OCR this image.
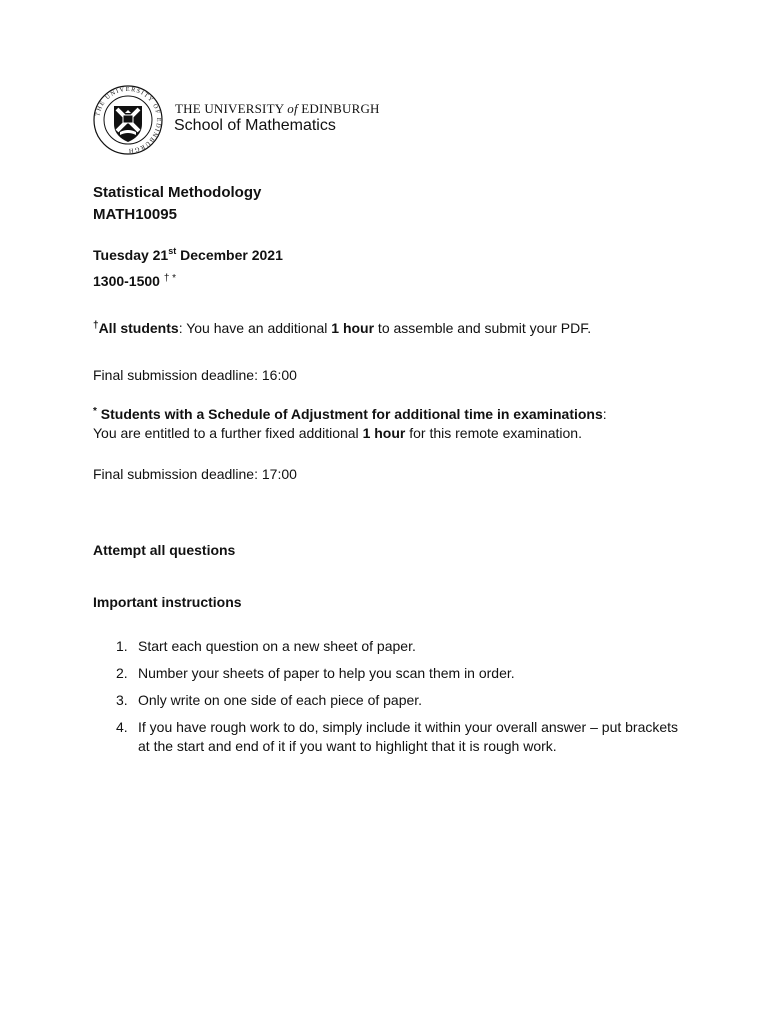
THE UNIVERSITY OF EDINBURGH
THE UNIVERSITY of EDINBURGH
School of Mathematics
Statistical Methodology
MATH10095
Tuesday 21st December 2021
1300-1500 † *
†All students: You have an additional 1 hour to assemble and submit your PDF.
Final submission deadline: 16:00
* Students with a Schedule of Adjustment for additional time in examinations:
You are entitled to a further fixed additional 1 hour for this remote examination.
Final submission deadline: 17:00
Attempt all questions
Important instructions
1. Start each question on a new sheet of paper.
2. Number your sheets of paper to help you scan them in order.
3. Only write on one side of each piece of paper.
4. If you have rough work to do, simply include it within your overall answer – put brackets at the start and end of it if you want to highlight that it is rough work.
